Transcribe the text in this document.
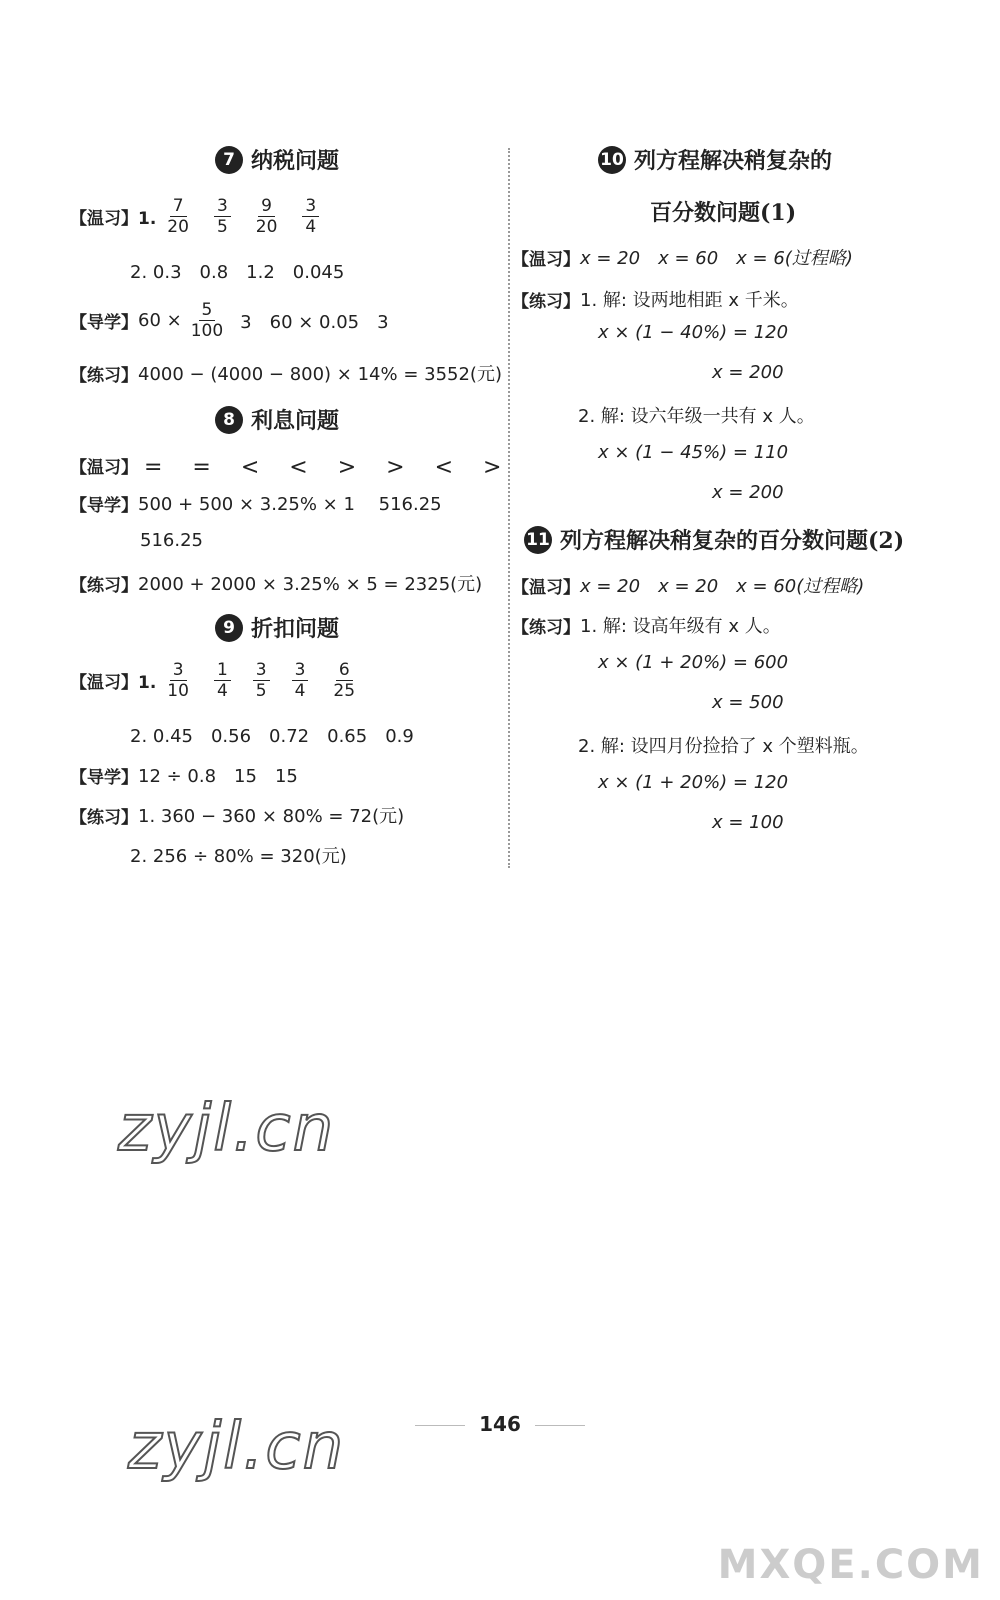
7 纳税问题
【温习】1. $\frac{7}{20} \frac{3}{5} \frac{9}{20} \frac{3}{4}$
2. 0.3　0.8　1.2　0.045
【导学】 $60 \times \frac{5}{100} 3$　60 × 0.05　3
【练习】 4000 − (4000 − 800) × 14% = 3552(元)
8 利息问题
【温习】 =　=　<　<　>　>　<　>
【导学】 500 + 500 × 3.25% × 1　 516.25
516.25
【练习】 2000 + 2000 × 3.25% × 5 = 2325(元)
9 折扣问题
【温习】1. $\frac{3}{10} \frac{1}{4} \frac{3}{5} \frac{3}{4} \frac{6}{25}$
2. 0.45　0.56　0.72　0.65　0.9
【导学】 12 ÷ 0.8　15　15
【练习】 1. 360 − 360 × 80% = 72(元)
2. 256 ÷ 80% = 320(元)
10 列方程解决稍复杂的
百分数问题(1)
【温习】 x = 20　x = 60　x = 6(过程略)
【练习】 1. 解: 设两地相距 x 千米。
x × (1 − 40%) = 120
x = 200
2. 解: 设六年级一共有 x 人。
x × (1 − 45%) = 110
x = 200
11 列方程解决稍复杂的百分数问题(2)
【温习】 x = 20　x = 20　x = 60(过程略)
【练习】 1. 解: 设高年级有 x 人。
x × (1 + 20%) = 600
x = 500
2. 解: 设四月份捡拾了 x 个塑料瓶。
x × (1 + 20%) = 120
x = 100
zyjl.cn
zyjl.cn
MXQE.COM
146
